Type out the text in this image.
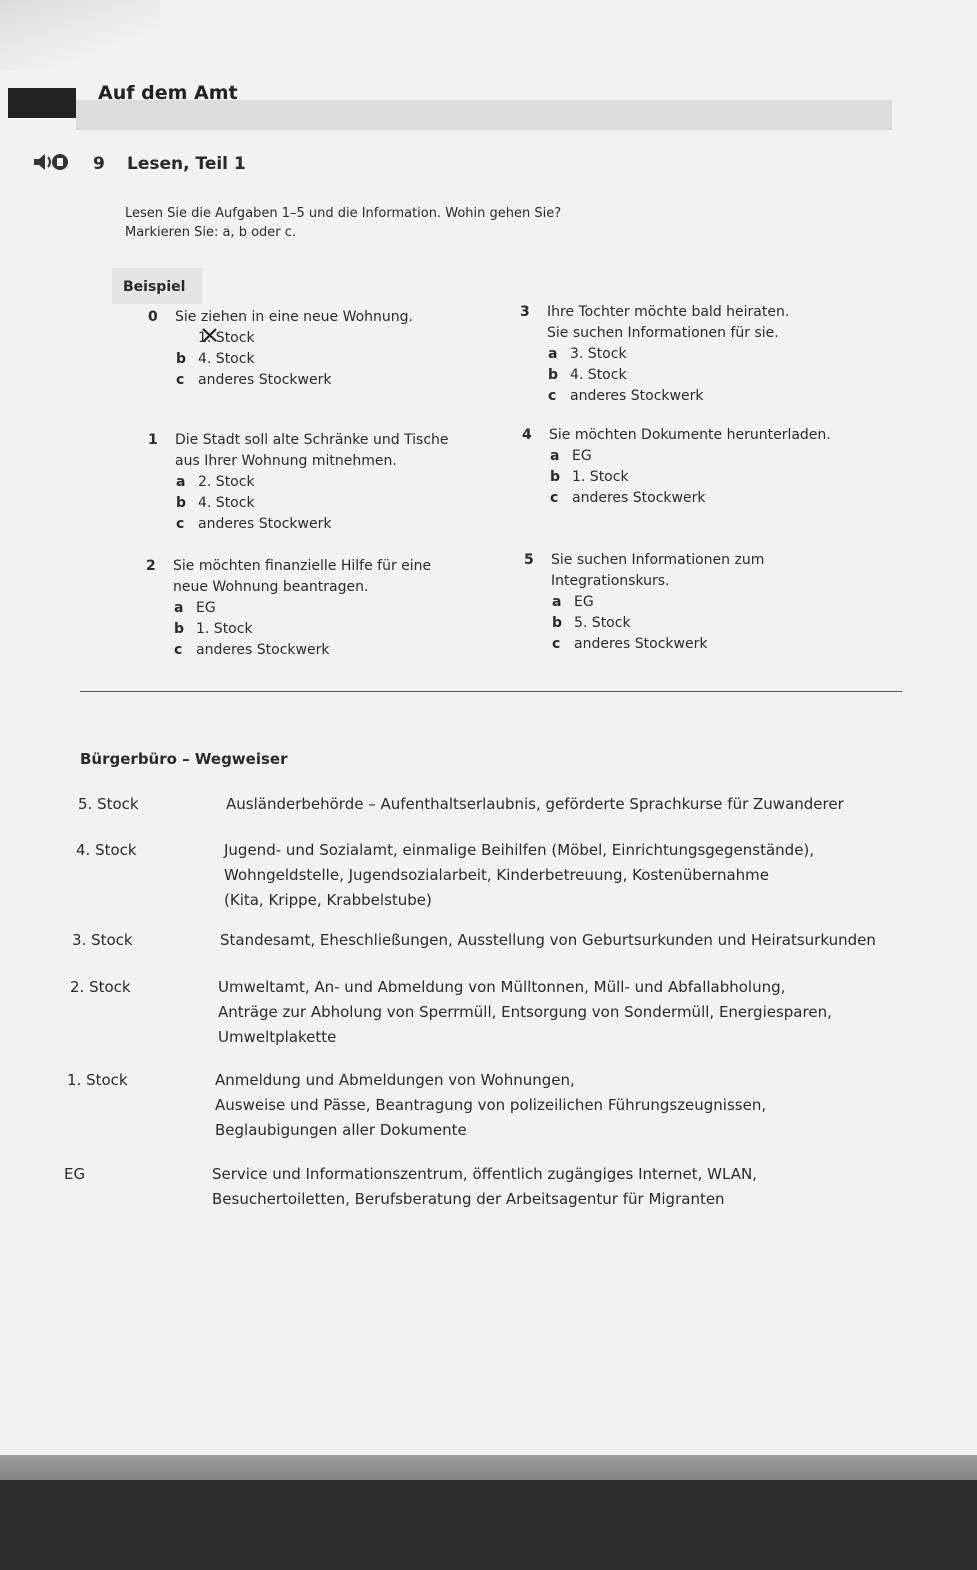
Auf dem Amt
9 Lesen, Teil 1
Lesen Sie die Aufgaben 1–5 und die Information. Wohin gehen Sie?
Markieren Sie: a, b oder c.
Beispiel
0 Sie ziehen in eine neue Wohnung.
1. Stock
b 4. Stock
c anderes Stockwerk
1 Die Stadt soll alte Schränke und Tische
aus Ihrer Wohnung mitnehmen.
a 2. Stock
b 4. Stock
c anderes Stockwerk
2 Sie möchten finanzielle Hilfe für eine
neue Wohnung beantragen.
a EG
b 1. Stock
c anderes Stockwerk
3 Ihre Tochter möchte bald heiraten.
Sie suchen Informationen für sie.
a 3. Stock
b 4. Stock
c anderes Stockwerk
4 Sie möchten Dokumente herunterladen.
a EG
b 1. Stock
c anderes Stockwerk
5 Sie suchen Informationen zum
Integrationskurs.
a EG
b 5. Stock
c anderes Stockwerk
Bürgerbüro – Wegweiser
5. Stock	Ausländerbehörde – Aufenthaltserlaubnis, geförderte Sprachkurse für Zuwanderer
4. Stock	Jugend- und Sozialamt, einmalige Beihilfen (Möbel, Einrichtungsgegenstände),
Wohngeldstelle, Jugendsozialarbeit, Kinderbetreuung, Kostenübernahme
(Kita, Krippe, Krabbelstube)
3. Stock	Standesamt, Eheschließungen, Ausstellung von Geburtsurkunden und Heiratsurkunden
2. Stock	Umweltamt, An- und Abmeldung von Mülltonnen, Müll- und Abfallabholung,
Anträge zur Abholung von Sperrmüll, Entsorgung von Sondermüll, Energiesparen,
Umweltplakette
1. Stock	Anmeldung und Abmeldungen von Wohnungen,
Ausweise und Pässe, Beantragung von polizeilichen Führungszeugnissen,
Beglaubigungen aller Dokumente
EG	Service und Informationszentrum, öffentlich zugängiges Internet, WLAN,
Besuchertoiletten, Berufsberatung der Arbeitsagentur für Migranten
